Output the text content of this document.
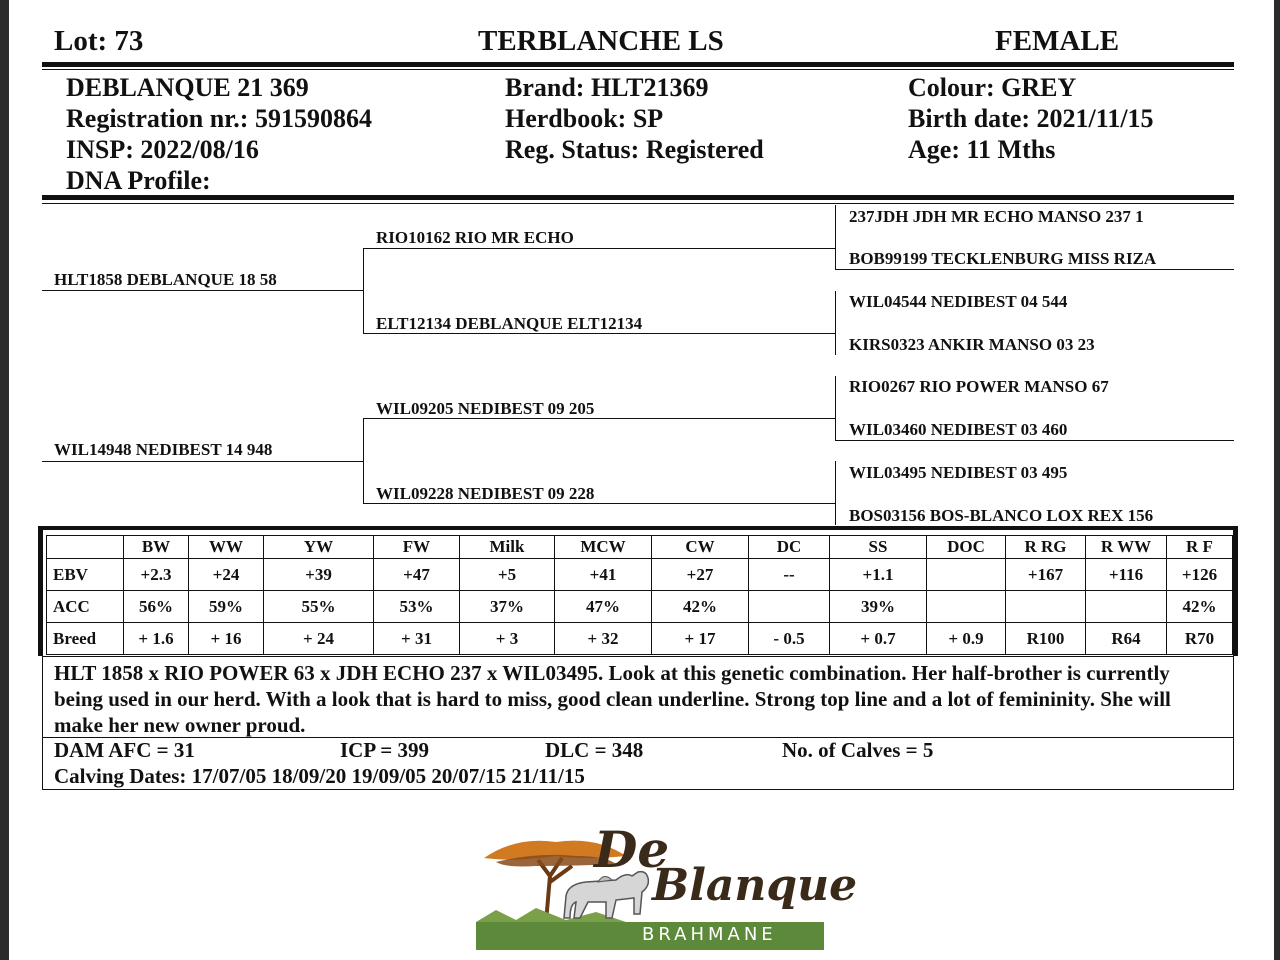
Lot: 73	TERBLANCHE LS	FEMALE
DEBLANQUE 21 369
Registration nr.: 591590864
INSP: 2022/08/16
DNA Profile:
Brand: HLT21369
Herdbook: SP
Reg. Status: Registered
Colour: GREY
Birth date: 2021/11/15
Age: 11 Mths
HLT1858 DEBLANQUE 18 58
WIL14948 NEDIBEST 14 948
RIO10162 RIO MR ECHO
ELT12134 DEBLANQUE ELT12134
WIL09205 NEDIBEST 09 205
WIL09228 NEDIBEST 09 228
237JDH JDH MR ECHO MANSO 237 1
BOB99199 TECKLENBURG MISS RIZA
WIL04544 NEDIBEST 04 544
KIRS0323 ANKIR MANSO 03 23
RIO0267 RIO POWER MANSO 67
WIL03460 NEDIBEST 03 460
WIL03495 NEDIBEST 03 495
BOS03156 BOS-BLANCO LOX REX 156
	BW	WW	YW	FW	Milk	MCW	CW	DC	SS	DOC	R RG	R WW	R F
EBV	+2.3	+24	+39	+47	+5	+41	+27	--	+1.1		+167	+116	+126
ACC	56%	59%	55%	53%	37%	47%	42%		39%				42%
Breed	+ 1.6	+ 16	+ 24	+ 31	+ 3	+ 32	+ 17	- 0.5	+ 0.7	+ 0.9	R100	R64	R70
HLT 1858 x RIO POWER 63 x JDH ECHO 237 x WIL03495. Look at this genetic combination. Her half-brother is currently being used in our herd. With a look that is hard to miss, good clean underline. Strong top line and a lot of femininity. She will make her new owner proud.
DAM AFC = 31	ICP = 399	DLC = 348	No. of Calves = 5
Calving Dates: 17/07/05 18/09/20 19/09/05 20/07/15 21/11/15
De
Blanque
BRAHMANE
